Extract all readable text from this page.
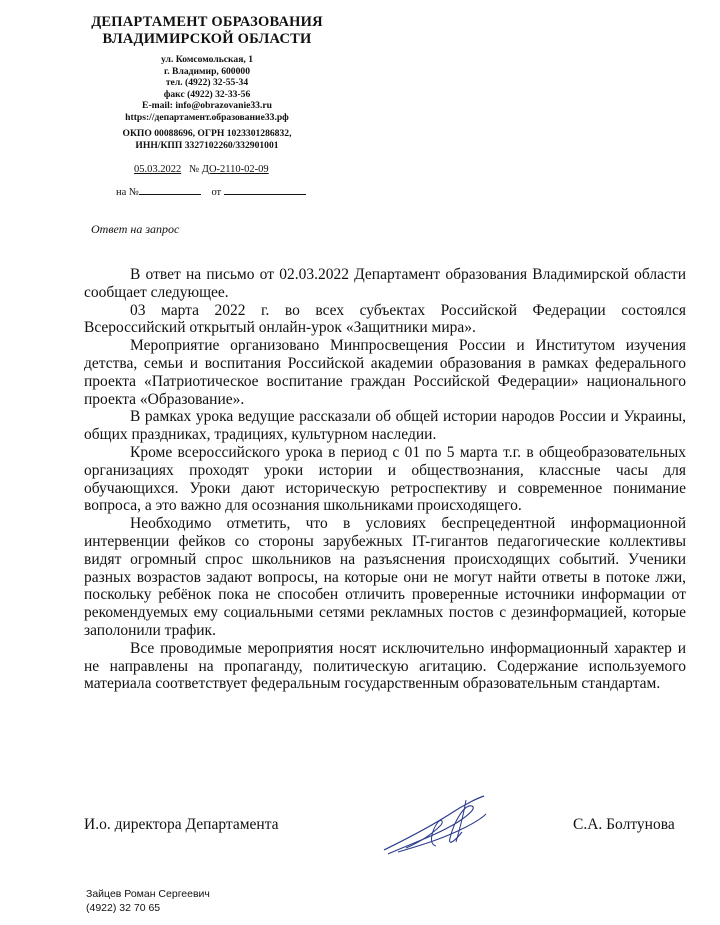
ДЕПАРТАМЕНТ ОБРАЗОВАНИЯ
ВЛАДИМИРСКОЙ ОБЛАСТИ
ул. Комсомольская, 1
г. Владимир, 600000
тел. (4922) 32-55-34
факс (4922) 32-33-56
E-mail: info@obrazovanie33.ru
https://департамент.образование33.рф
ОКПО 00088696, ОГРН 1023301286832,
ИНН/КПП 3327102260/332901001
05.03.2022 № ДО-2110-02-09
на №	от
Ответ на запрос

В ответ на письмо от 02.03.2022 Департамент образования Владимирской области сообщает следующее.

03 марта 2022 г. во всех субъектах Российской Федерации состоялся Всероссийский открытый онлайн-урок «Защитники мира».

Мероприятие организовано Минпросвещения России и Институтом изучения детства, семьи и воспитания Российской академии образования в рамках федерального проекта «Патриотическое воспитание граждан Российской Федерации» национального проекта «Образование».

В рамках урока ведущие рассказали об общей истории народов России и Украины, общих праздниках, традициях, культурном наследии.

Кроме всероссийского урока в период с 01 по 5 марта т.г. в общеобразовательных организациях проходят уроки истории и обществознания, классные часы для обучающихся. Уроки дают историческую ретроспективу и современное понимание вопроса, а это важно для осознания школьниками происходящего.

Необходимо отметить, что в условиях беспрецедентной информационной интервенции фейков со стороны зарубежных IT-гигантов педагогические коллективы видят огромный спрос школьников на разъяснения происходящих событий. Ученики разных возрастов задают вопросы, на которые они не могут найти ответы в потоке лжи, поскольку ребёнок пока не способен отличить проверенные источники информации от рекомендуемых ему социальными сетями рекламных постов с дезинформацией, которые заполонили трафик.

Все проводимые мероприятия носят исключительно информационный характер и не направлены на пропаганду, политическую агитацию. Содержание используемого материала соответствует федеральным государственным образовательным стандартам.

И.о. директора Департамента	С.А. Болтунова
Зайцев Роман Сергеевич
(4922) 32 70 65
